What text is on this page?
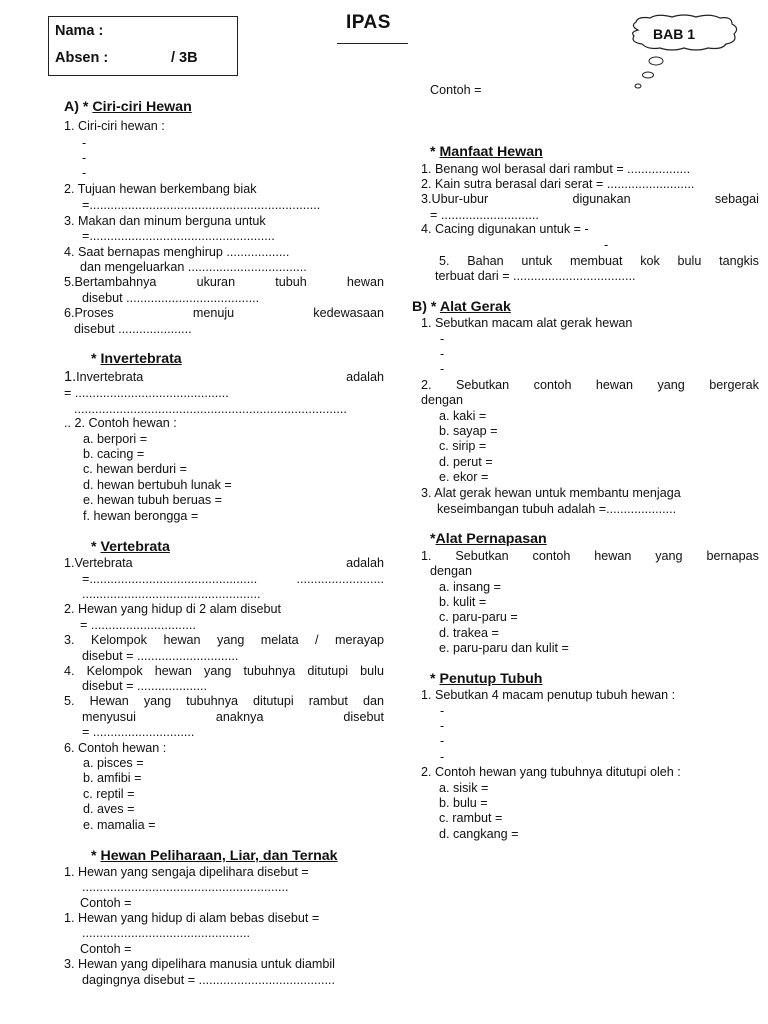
Nama :
Absen :	/ 3B
IPAS
BAB 1
A) * Ciri-ciri Hewan
1. Ciri-ciri hewan :
-
-
-
2. Tujuan hewan berkembang biak
=..................................................................
3. Makan dan minum berguna untuk
=.....................................................
4. Saat bernapas menghirup ..................
dan mengeluarkan ..................................
5.Bertambahnya	ukuran	tubuh	hewan
disebut ......................................
6.Proses	menuju	kedewasaan
disebut .....................
* Invertebrata
1.Invertebrata	adalah
= ............................................
..............................................................................
.. 2. Contoh hewan :
a. berpori =
b. cacing =
c. hewan berduri =
d. hewan bertubuh lunak =
e. hewan tubuh beruas =
f. hewan berongga =
* Vertebrata
1.Vertebrata	adalah
=................................................	.........................
...................................................
2. Hewan yang hidup di 2 alam disebut
= ..............................
3. Kelompok hewan yang melata / merayap
disebut = .............................
4. Kelompok hewan yang tubuhnya ditutupi bulu
disebut = ....................
5. Hewan yang tubuhnya ditutupi rambut dan
menyusui	anaknya	disebut
= .............................
6. Contoh hewan :
a. pisces =
b. amfibi =
c. reptil =
d. aves =
e. mamalia =
* Hewan Peliharaan, Liar, dan Ternak
1. Hewan yang sengaja dipelihara disebut =
...........................................................
Contoh =
1. Hewan yang hidup di alam bebas disebut =
................................................
Contoh =
3. Hewan yang dipelihara manusia untuk diambil
dagingnya disebut = .......................................
Contoh =
* Manfaat Hewan
1. Benang wol berasal dari rambut = ..................
2. Kain sutra berasal dari serat = .........................
3.Ubur-ubur	digunakan	sebagai
= ............................
4. Cacing digunakan untuk = -
-
5. Bahan untuk membuat kok bulu tangkis
terbuat dari = ...................................
B) * Alat Gerak
1. Sebutkan macam alat gerak hewan
-
-
-
2. Sebutkan contoh hewan yang bergerak
dengan
a. kaki =
b. sayap =
c. sirip =
d. perut =
e. ekor =
3. Alat gerak hewan untuk membantu menjaga
keseimbangan tubuh adalah =....................
*Alat Pernapasan
1. Sebutkan contoh hewan yang bernapas
dengan
a. insang =
b. kulit =
c. paru-paru =
d. trakea =
e. paru-paru dan kulit =
* Penutup Tubuh
1. Sebutkan 4 macam penutup tubuh hewan :
-
-
-
-
2. Contoh hewan yang tubuhnya ditutupi oleh :
a. sisik =
b. bulu =
c. rambut =
d. cangkang =
